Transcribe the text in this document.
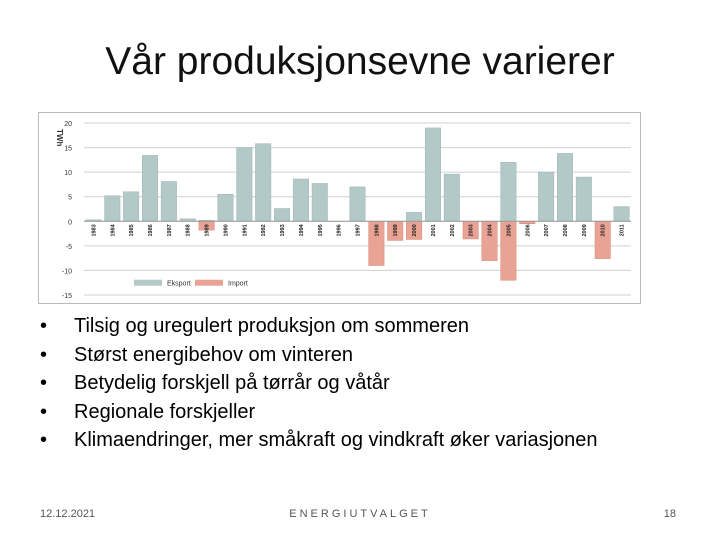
Vår produksjonsevne varierer
-15
-10
-5
0
5
10
15
20
TWh
1983 1984 1985 1986 1987 1988 1989 1990 1991 1992 1993 1994 1995 1996 1997 1998 1999 2000 2001 2002 2003 2004 2005 2006 2007 2008 2009 2010 2011
Eksport	Import
• Tilsig og uregulert produksjon om sommeren
• Størst energibehov om vinteren
• Betydelig forskjell på tørrår og våtår
• Regionale forskjeller
• Klimaendringer, mer småkraft og vindkraft øker variasjonen
12.12.2021	ENERGIUTVALGET	18
